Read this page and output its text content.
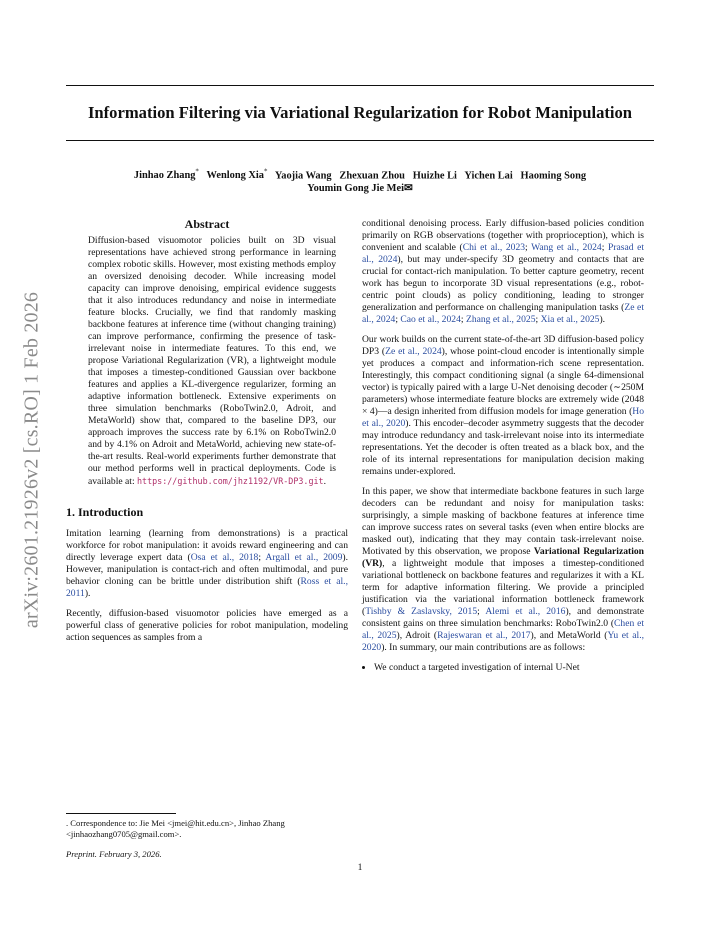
Information Filtering via Variational Regularization for Robot Manipulation
Jinhao Zhang* Wenlong Xia* Yaojia Wang Zhexuan Zhou Huizhe Li Yichen Lai Haoming Song
Youmin Gong Jie Mei✉
arXiv:2601.21926v2 [cs.RO] 1 Feb 2026
Abstract
Diffusion-based visuomotor policies built on 3D visual representations have achieved strong performance in learning complex robotic skills. However, most existing methods employ an oversized denoising decoder. While increasing model capacity can improve denoising, empirical evidence suggests that it also introduces redundancy and noise in intermediate feature blocks. Crucially, we find that randomly masking backbone features at inference time (without changing training) can improve performance, confirming the presence of task-irrelevant noise in intermediate features. To this end, we propose Variational Regularization (VR), a lightweight module that imposes a timestep-conditioned Gaussian over backbone features and applies a KL-divergence regularizer, forming an adaptive information bottleneck. Extensive experiments on three simulation benchmarks (RoboTwin2.0, Adroit, and MetaWorld) show that, compared to the baseline DP3, our approach improves the success rate by 6.1% on RoboTwin2.0 and by 4.1% on Adroit and MetaWorld, achieving new state-of-the-art results. Real-world experiments further demonstrate that our method performs well in practical deployments. Code is available at: https://github.com/jhz1192/VR-DP3.git.
1. Introduction

Imitation learning (learning from demonstrations) is a practical workforce for robot manipulation: it avoids reward engineering and can directly leverage expert data (Osa et al., 2018; Argall et al., 2009). However, manipulation is contact-rich and often multimodal, and pure behavior cloning can be brittle under distribution shift (Ross et al., 2011).

Recently, diffusion-based visuomotor policies have emerged as a powerful class of generative policies for robot manipulation, modeling action sequences as samples from a

. Correspondence to: Jie Mei <jmei@hit.edu.cn>, Jinhao Zhang <jinhaozhang0705@gmail.com>.
Preprint. February 3, 2026.

conditional denoising process. Early diffusion-based policies condition primarily on RGB observations (together with proprioception), which is convenient and scalable (Chi et al., 2023; Wang et al., 2024; Prasad et al., 2024), but may under-specify 3D geometry and contacts that are crucial for contact-rich manipulation. To better capture geometry, recent work has begun to incorporate 3D visual representations (e.g., robot-centric point clouds) as policy conditioning, leading to stronger generalization and performance on challenging manipulation tasks (Ze et al., 2024; Cao et al., 2024; Zhang et al., 2025; Xia et al., 2025).

Our work builds on the current state-of-the-art 3D diffusion-based policy DP3 (Ze et al., 2024), whose point-cloud encoder is intentionally simple yet produces a compact and information-rich scene representation. Interestingly, this compact conditioning signal (a single 64-dimensional vector) is typically paired with a large U-Net denoising decoder (∼250M parameters) whose intermediate feature blocks are extremely wide (2048 × 4)—a design inherited from diffusion models for image generation (Ho et al., 2020). This encoder–decoder asymmetry suggests that the decoder may introduce redundancy and task-irrelevant noise into its intermediate representations. Yet the decoder is often treated as a black box, and the role of its internal representations for manipulation decision making remains under-explored.

In this paper, we show that intermediate backbone features in such large decoders can be redundant and noisy for manipulation tasks: surprisingly, a simple masking of backbone features at inference time can improve success rates on several tasks (even when entire blocks are masked out), indicating that they may contain task-irrelevant noise. Motivated by this observation, we propose Variational Regularization (VR), a lightweight module that imposes a timestep-conditioned variational bottleneck on backbone features and regularizes it with a KL term for adaptive information filtering. We provide a principled justification via the variational information bottleneck framework (Tishby & Zaslavsky, 2015; Alemi et al., 2016), and demonstrate consistent gains on three simulation benchmarks: RoboTwin2.0 (Chen et al., 2025), Adroit (Rajeswaran et al., 2017), and MetaWorld (Yu et al., 2020). In summary, our main contributions are as follows:

• We conduct a targeted investigation of internal U-Net
1
